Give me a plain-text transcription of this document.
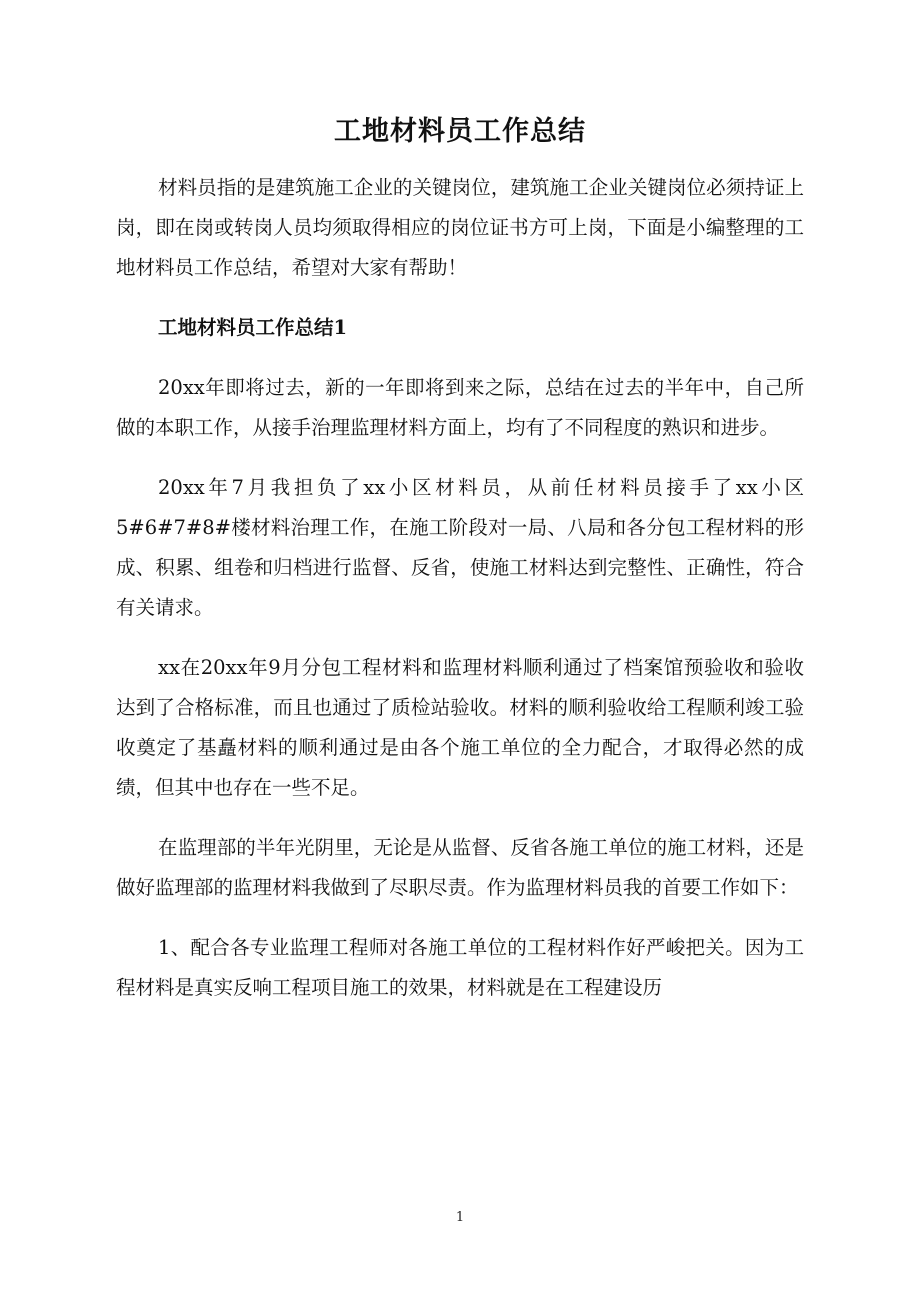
工地材料员工作总结

材料员指的是建筑施工企业的关键岗位，建筑施工企业关键岗位必须持证上岗，即在岗或转岗人员均须取得相应的岗位证书方可上岗，下面是小编整理的工地材料员工作总结，希望对大家有帮助！

工地材料员工作总结1

20xx年即将过去，新的一年即将到来之际，总结在过去的半年中，自己所做的本职工作，从接手治理监理材料方面上，均有了不同程度的熟识和进步。

20xx年7月我担负了xx小区材料员，从前任材料员接手了xx小区5#6#7#8#楼材料治理工作，在施工阶段对一局、八局和各分包工程材料的形成、积累、组卷和归档进行监督、反省，使施工材料达到完整性、正确性，符合有关请求。

xx在20xx年9月分包工程材料和监理材料顺利通过了档案馆预验收和验收达到了合格标准，而且也通过了质检站验收。材料的顺利验收给工程顺利竣工验收奠定了基矗材料的顺利通过是由各个施工单位的全力配合，才取得必然的成绩，但其中也存在一些不足。

在监理部的半年光阴里，无论是从监督、反省各施工单位的施工材料，还是做好监理部的监理材料我做到了尽职尽责。作为监理材料员我的首要工作如下：

1、配合各专业监理工程师对各施工单位的工程材料作好严峻把关。因为工程材料是真实反响工程项目施工的效果，材料就是在工程建设历

1
